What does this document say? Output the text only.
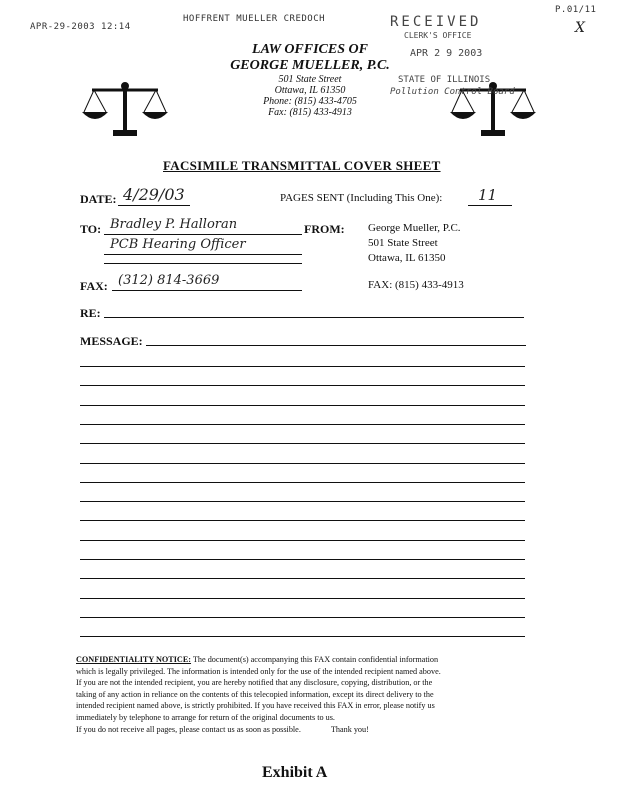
APR-29-2003 12:14
HOFFRENT MUELLER CREDOCH
P.01/11
X
LAW OFFICES OF
GEORGE MUELLER, P.C.
501 State Street
Ottawa, IL 61350
Phone: (815) 433-4705
Fax: (815) 433-4913
RECEIVED
CLERK'S OFFICE
APR 2 9 2003
STATE OF ILLINOIS
Pollution Control Board
FACSIMILE TRANSMITTAL COVER SHEET
DATE: 4/29/03	PAGES SENT (Including This One): 11
TO: Bradley P. Halloran
PCB Hearing Officer
FROM: George Mueller, P.C.
501 State Street
Ottawa, IL 61350
FAX: (312) 814-3669	FAX: (815) 433-4913
RE:
MESSAGE:
CONFIDENTIALITY NOTICE: The document(s) accompanying this FAX contain confidential information
which is legally privileged. The information is intended only for the use of the intended recipient named above.
If you are not the intended recipient, you are hereby notified that any disclosure, copying, distribution, or the
taking of any action in reliance on the contents of this telecopied information, except its direct delivery to the
intended recipient named above, is strictly prohibited. If you have received this FAX in error, please notify us
immediately by telephone to arrange for return of the original documents to us.
If you do not receive all pages, please contact us as soon as possible.	Thank you!
Exhibit A
